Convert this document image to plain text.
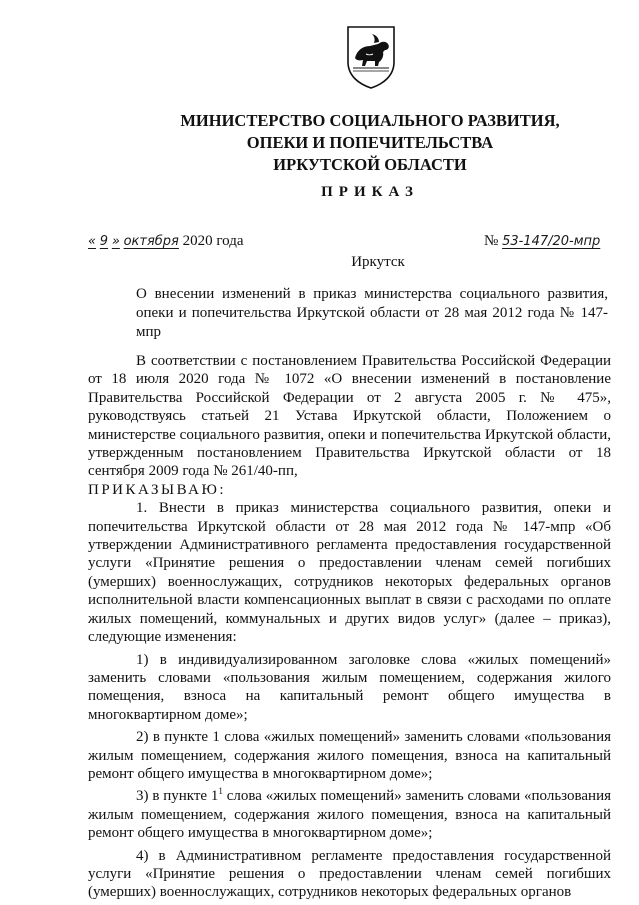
МИНИСТЕРСТВО СОЦИАЛЬНОГО РАЗВИТИЯ,
ОПЕКИ И ПОПЕЧИТЕЛЬСТВА
ИРКУТСКОЙ ОБЛАСТИ
ПРИКАЗ
« 9 » октября 2020 года	№ 53-147/20-мпр
Иркутск
О внесении изменений в приказ министерства социального развития, опеки и попечительства Иркутской области от 28 мая 2012 года № 147-мпр

В соответствии с постановлением Правительства Российской Федерации от 18 июля 2020 года № 1072 «О внесении изменений в постановление Правительства Российской Федерации от 2 августа 2005 г. № 475», руководствуясь статьей 21 Устава Иркутской области, Положением о министерстве социального развития, опеки и попечительства Иркутской области, утвержденным постановлением Правительства Иркутской области от 18 сентября 2009 года № 261/40-пп,

ПРИКАЗЫВАЮ:

1. Внести в приказ министерства социального развития, опеки и попечительства Иркутской области от 28 мая 2012 года № 147-мпр «Об утверждении Административного регламента предоставления государственной услуги «Принятие решения о предоставлении членам семей погибших (умерших) военнослужащих, сотрудников некоторых федеральных органов исполнительной власти компенсационных выплат в связи с расходами по оплате жилых помещений, коммунальных и других видов услуг» (далее – приказ), следующие изменения:

1) в индивидуализированном заголовке слова «жилых помещений» заменить словами «пользования жилым помещением, содержания жилого помещения, взноса на капитальный ремонт общего имущества в многоквартирном доме»;

2) в пункте 1 слова «жилых помещений» заменить словами «пользования жилым помещением, содержания жилого помещения, взноса на капитальный ремонт общего имущества в многоквартирном доме»;

3) в пункте $1^1$ слова «жилых помещений» заменить словами «пользования жилым помещением, содержания жилого помещения, взноса на капитальный ремонт общего имущества в многоквартирном доме»;

4) в Административном регламенте предоставления государственной услуги «Принятие решения о предоставлении членам семей погибших (умерших) военнослужащих, сотрудников некоторых федеральных органов
